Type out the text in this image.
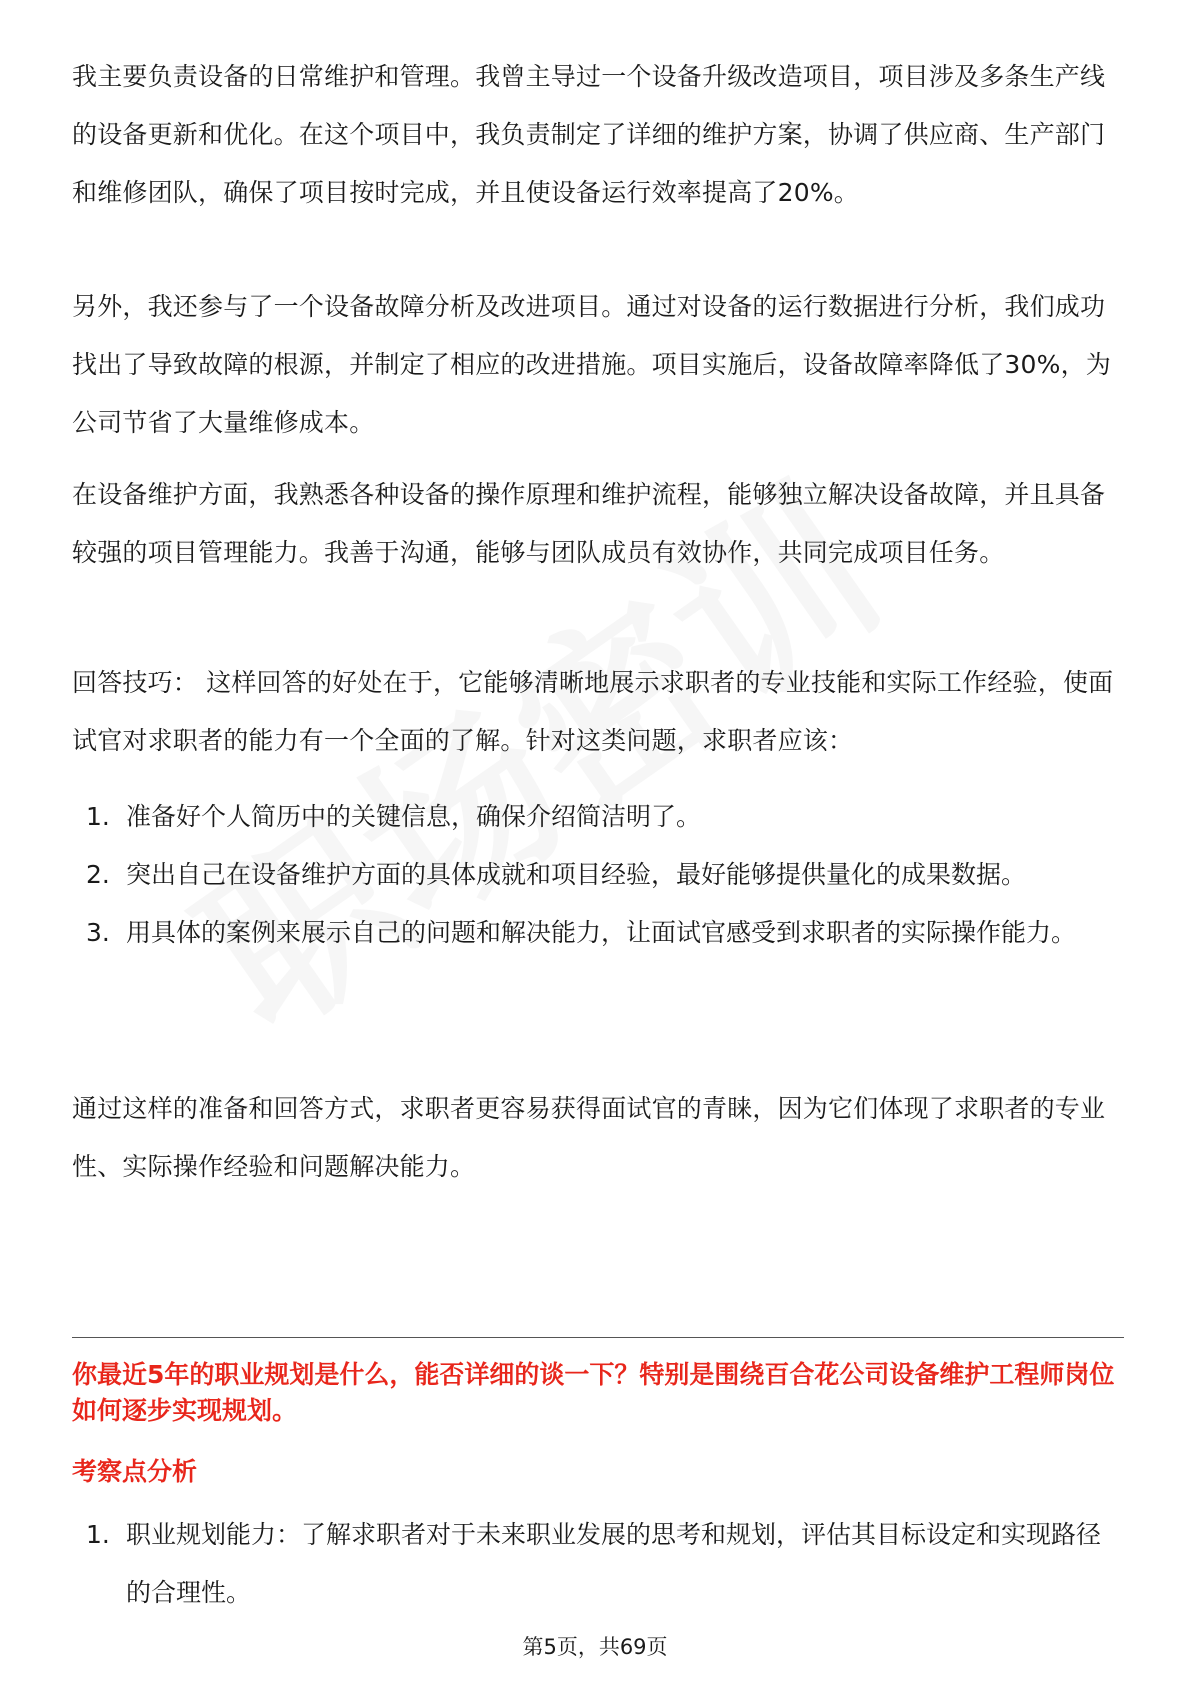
我主要负责设备的日常维护和管理。我曾主导过一个设备升级改造项目，项目涉及多条生产线的设备更新和优化。在这个项目中，我负责制定了详细的维护方案，协调了供应商、生产部门和维修团队，确保了项目按时完成，并且使设备运行效率提高了20%。

另外，我还参与了一个设备故障分析及改进项目。通过对设备的运行数据进行分析，我们成功找出了导致故障的根源，并制定了相应的改进措施。项目实施后，设备故障率降低了30%，为公司节省了大量维修成本。

在设备维护方面，我熟悉各种设备的操作原理和维护流程，能够独立解决设备故障，并且具备较强的项目管理能力。我善于沟通，能够与团队成员有效协作，共同完成项目任务。

回答技巧： 这样回答的好处在于，它能够清晰地展示求职者的专业技能和实际工作经验，使面试官对求职者的能力有一个全面的了解。针对这类问题，求职者应该：

1. 准备好个人简历中的关键信息，确保介绍简洁明了。
2. 突出自己在设备维护方面的具体成就和项目经验，最好能够提供量化的成果数据。
3. 用具体的案例来展示自己的问题和解决能力，让面试官感受到求职者的实际操作能力。

通过这样的准备和回答方式，求职者更容易获得面试官的青睐，因为它们体现了求职者的专业性、实际操作经验和问题解决能力。

你最近5年的职业规划是什么，能否详细的谈一下？特别是围绕百合花公司设备维护工程师岗位如何逐步实现规划。

考察点分析

1. 职业规划能力：了解求职者对于未来职业发展的思考和规划，评估其目标设定和实现路径的合理性。
第5页，共69页
